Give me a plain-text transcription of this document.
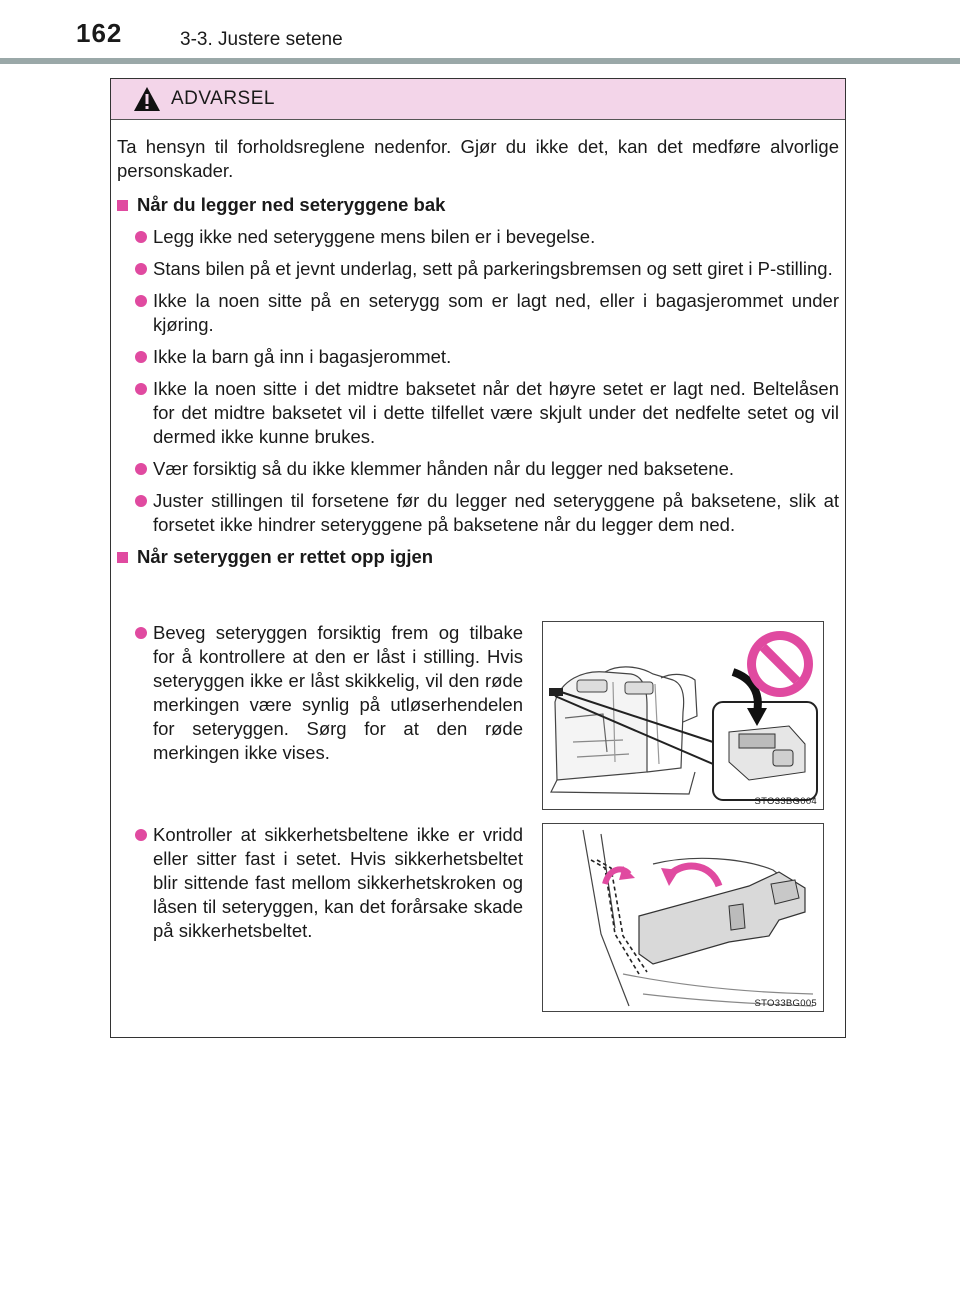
162	3-3. Justere setene
ADVARSEL

Ta hensyn til forholdsreglene nedenfor. Gjør du ikke det, kan det medføre alvorlige personskader.

Når du legger ned seteryggene bak
Legg ikke ned seteryggene mens bilen er i bevegelse.
Stans bilen på et jevnt underlag, sett på parkeringsbremsen og sett giret i P-stilling.
Ikke la noen sitte på en seterygg som er lagt ned, eller i bagasjerommet under kjøring.
Ikke la barn gå inn i bagasjerommet.
Ikke la noen sitte i det midtre baksetet når det høyre setet er lagt ned. Beltelåsen for det midtre baksetet vil i dette tilfellet være skjult under det nedfelte setet og vil dermed ikke kunne brukes.
Vær forsiktig så du ikke klemmer hånden når du legger ned baksetene.
Juster stillingen til forsetene før du legger ned seteryggene på baksetene, slik at forsetet ikke hindrer seteryggene på baksetene når du legger dem ned.
Når seteryggen er rettet opp igjen
Beveg seteryggen forsiktig frem og tilbake for å kontrollere at den er låst i stilling. Hvis seteryggen ikke er låst skikkelig, vil den røde merkingen være synlig på utløserhendelen for seteryggen. Sørg for at den røde merkingen ikke vises.
STO33BG004
Kontroller at sikkerhetsbeltene ikke er vridd eller sitter fast i setet. Hvis sikkerhetsbeltet blir sittende fast mellom sikkerhetskroken og låsen til seteryggen, kan det forårsake skade på sikkerhetsbeltet.
STO33BG005
